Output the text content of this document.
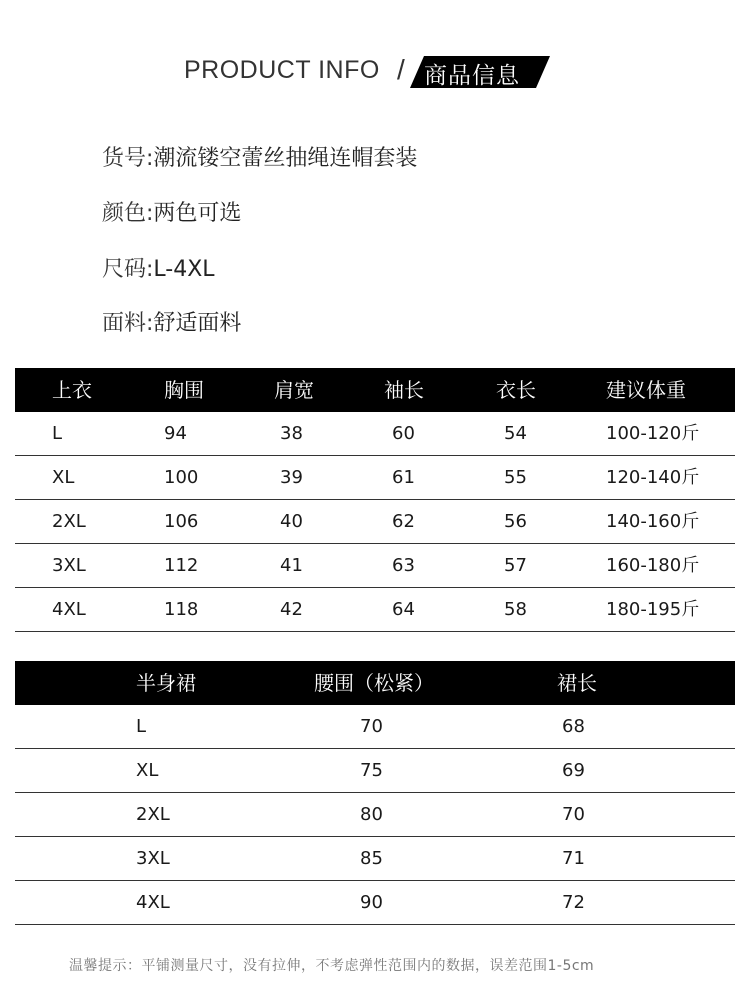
PRODUCT INFO / 商品信息
货号:潮流镂空蕾丝抽绳连帽套装
颜色:两色可选
尺码:L-4XL
面料:舒适面料
上衣	胸围	肩宽	袖长	衣长	建议体重
L	94	38	60	54	100-120斤
XL	100	39	61	55	120-140斤
2XL	106	40	62	56	140-160斤
3XL	112	41	63	57	160-180斤
4XL	118	42	64	58	180-195斤
半身裙	腰围（松紧）	裙长
L	70	68
XL	75	69
2XL	80	70
3XL	85	71
4XL	90	72
温馨提示：平铺测量尺寸，没有拉伸，不考虑弹性范围内的数据，误差范围1-5cm
